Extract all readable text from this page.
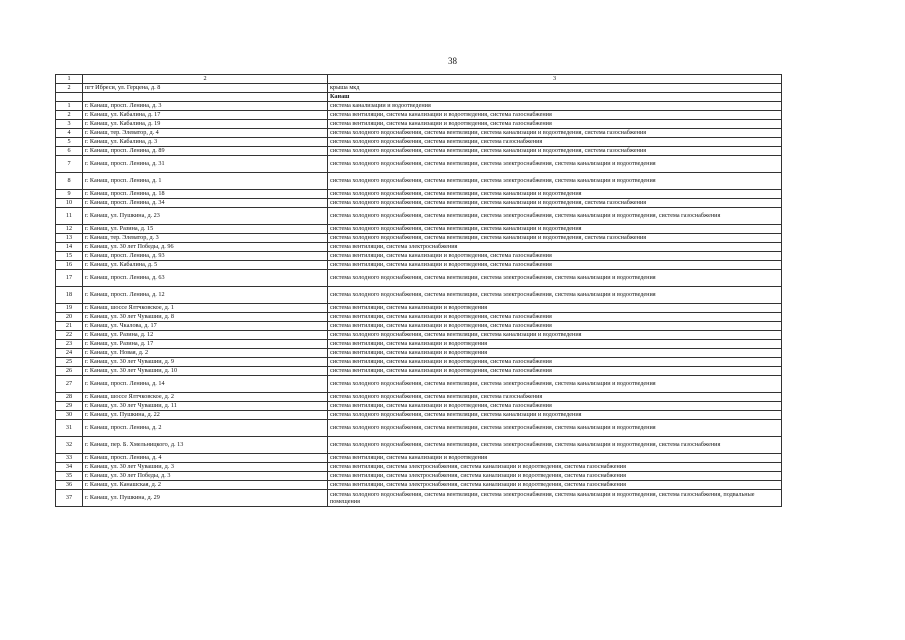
38
1	2	3
2	пгт Ибреси, ул. Герцена, д. 8	крыша мкд
		Канаш
1	г. Канаш, просп. Ленина, д. 3	система канализации и водоотведения
2	г. Канаш, ул. Кабалина, д. 17	система вентиляции, система канализации и водоотведения, система газоснабжения
3	г. Канаш, ул. Кабалина, д. 19	система вентиляции, система канализации и водоотведения, система газоснабжения
4	г. Канаш, тер. Элеватор, д. 4	система холодного водоснабжения, система вентиляции, система канализации и водоотведения, система газоснабжения
5	г. Канаш, ул. Кабалина, д. 3	система холодного водоснабжения, система вентиляции, система газоснабжения
6	г. Канаш, просп. Ленина, д. 89	система холодного водоснабжения, система вентиляции, система канализации и водоотведения, система газоснабжения
7	г. Канаш, просп. Ленина, д. 31	система холодного водоснабжения, система вентиляции, система электроснабжения, система канализации и водоотведения
8	г. Канаш, просп. Ленина, д. 1	система холодного водоснабжения, система вентиляции, система электроснабжения, система канализации и водоотведения
9	г. Канаш, просп. Ленина, д. 18	система холодного водоснабжения, система вентиляции, система канализации и водоотведения
10	г. Канаш, просп. Ленина, д. 34	система холодного водоснабжения, система вентиляции, система канализации и водоотведения, система газоснабжения
11	г. Канаш, ул. Пушкина, д. 23	система холодного водоснабжения, система вентиляции, система электроснабжения, система канализации и водоотведения, система газоснабжения
12	г. Канаш, ул. Разина, д. 15	система холодного водоснабжения, система вентиляции, система канализации и водоотведения
13	г. Канаш, тер. Элеватор, д. 3	система холодного водоснабжения, система вентиляции, система канализации и водоотведения, система газоснабжения
14	г. Канаш, ул. 30 лет Победы, д. 96	система вентиляции, система электроснабжения
15	г. Канаш, просп. Ленина, д. 93	система вентиляции, система канализации и водоотведения, система газоснабжения
16	г. Канаш, ул. Кабалина, д. 5	система вентиляции, система канализации и водоотведения, система газоснабжения
17	г. Канаш, просп. Ленина, д. 63	система холодного водоснабжения, система вентиляции, система электроснабжения, система канализации и водоотведения
18	г. Канаш, просп. Ленина, д. 12	система холодного водоснабжения, система вентиляции, система электроснабжения, система канализации и водоотведения
19	г. Канаш, шоссе Ялтчковское, д. 1	система вентиляции, система канализации и водоотведения
20	г. Канаш, ул. 30 лет Чувашии, д. 8	система вентиляции, система канализации и водоотведения, система газоснабжения
21	г. Канаш, ул. Чкалова, д. 17	система вентиляции, система канализации и водоотведения, система газоснабжения
22	г. Канаш, ул. Разина, д. 12	система холодного водоснабжения, система вентиляции, система канализации и водоотведения
23	г. Канаш, ул. Разина, д. 17	система вентиляции, система канализации и водоотведения
24	г. Канаш, ул. Новая, д. 2	система вентиляции, система канализации и водоотведения
25	г. Канаш, ул. 30 лет Чувашии, д. 9	система вентиляции, система канализации и водоотведения, система газоснабжения
26	г. Канаш, ул. 30 лет Чувашии, д. 10	система вентиляции, система канализации и водоотведения, система газоснабжения
27	г. Канаш, просп. Ленина, д. 14	система холодного водоснабжения, система вентиляции, система электроснабжения, система канализации и водоотведения
28	г. Канаш, шоссе Ялтчковское, д. 2	система холодного водоснабжения, система вентиляции, система газоснабжения
29	г. Канаш, ул. 30 лет Чувашии, д. 11	система вентиляции, система канализации и водоотведения, система газоснабжения
30	г. Канаш, ул. Пушкина, д. 22	система холодного водоснабжения, система вентиляции, система канализации и водоотведения
31	г. Канаш, просп. Ленина, д. 2	система холодного водоснабжения, система вентиляции, система электроснабжения, система канализации и водоотведения
32	г. Канаш, пер. Б. Хмельницкого, д. 13	система холодного водоснабжения, система вентиляции, система электроснабжения, система канализации и водоотведения, система газоснабжения
33	г. Канаш, просп. Ленина, д. 4	система вентиляции, система канализации и водоотведения
34	г. Канаш, ул. 30 лет Чувашии, д. 3	система вентиляции, система электроснабжения, система канализации и водоотведения, система газоснабжения
35	г. Канаш, ул. 30 лет Победы, д. 3	система вентиляции, система электроснабжения, система канализации и водоотведения, система газоснабжения
36	г. Канаш, ул. Канашская, д. 2	система вентиляции, система электроснабжения, система канализации и водоотведения, система газоснабжения
37	г. Канаш, ул. Пушкина, д. 29	система холодного водоснабжения, система вентиляции, система электроснабжения, система канализации и водоотведения, система газоснабжения, подвальные помещения
